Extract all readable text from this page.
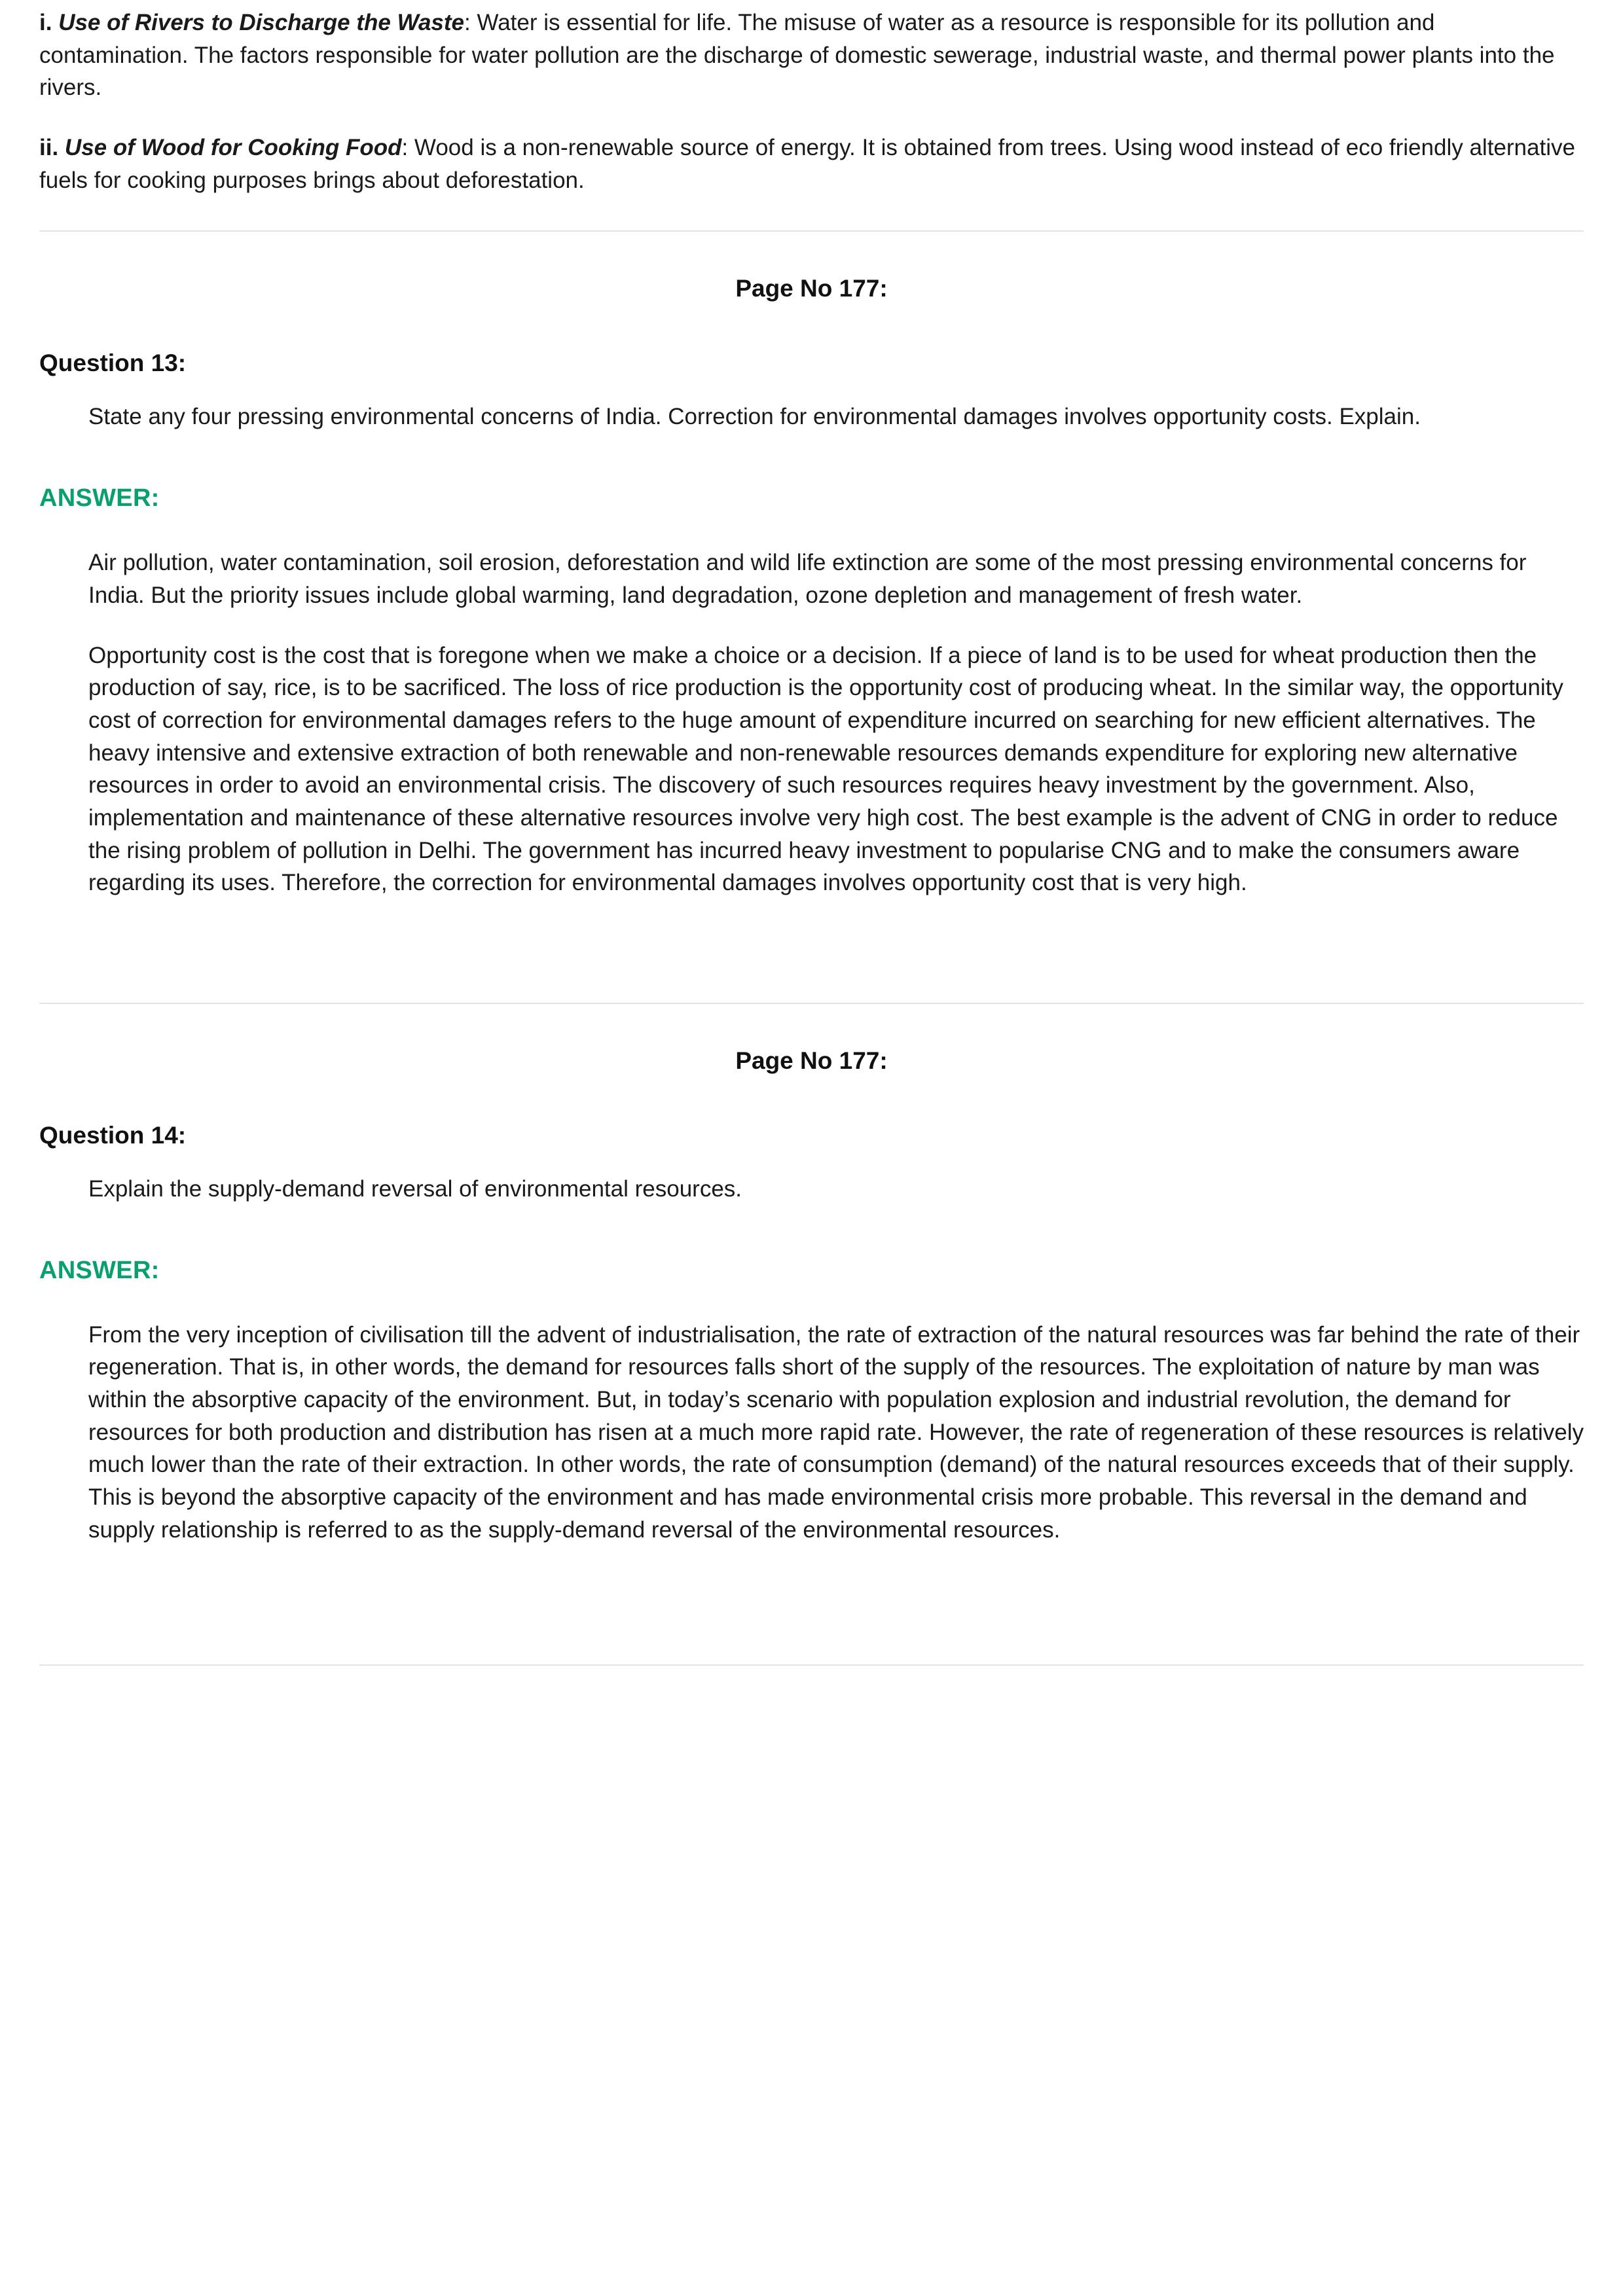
i. Use of Rivers to Discharge the Waste: Water is essential for life. The misuse of water as a resource is responsible for its pollution and contamination. The factors responsible for water pollution are the discharge of domestic sewerage, industrial waste, and thermal power plants into the rivers.

ii. Use of Wood for Cooking Food: Wood is a non-renewable source of energy. It is obtained from trees. Using wood instead of eco friendly alternative fuels for cooking purposes brings about deforestation.

Page No 177:
Question 13:
State any four pressing environmental concerns of India. Correction for environmental damages involves opportunity costs. Explain.
ANSWER:

Air pollution, water contamination, soil erosion, deforestation and wild life extinction are some of the most pressing environmental concerns for India. But the priority issues include global warming, land degradation, ozone depletion and management of fresh water.

Opportunity cost is the cost that is foregone when we make a choice or a decision. If a piece of land is to be used for wheat production then the production of say, rice, is to be sacrificed. The loss of rice production is the opportunity cost of producing wheat. In the similar way, the opportunity cost of correction for environmental damages refers to the huge amount of expenditure incurred on searching for new efficient alternatives. The heavy intensive and extensive extraction of both renewable and non-renewable resources demands expenditure for exploring new alternative resources in order to avoid an environmental crisis. The discovery of such resources requires heavy investment by the government. Also, implementation and maintenance of these alternative resources involve very high cost. The best example is the advent of CNG in order to reduce the rising problem of pollution in Delhi. The government has incurred heavy investment to popularise CNG and to make the consumers aware regarding its uses. Therefore, the correction for environmental damages involves opportunity cost that is very high.

Page No 177:
Question 14:
Explain the supply-demand reversal of environmental resources.
ANSWER:

From the very inception of civilisation till the advent of industrialisation, the rate of extraction of the natural resources was far behind the rate of their regeneration. That is, in other words, the demand for resources falls short of the supply of the resources. The exploitation of nature by man was within the absorptive capacity of the environment. But, in today’s scenario with population explosion and industrial revolution, the demand for resources for both production and distribution has risen at a much more rapid rate. However, the rate of regeneration of these resources is relatively much lower than the rate of their extraction. In other words, the rate of consumption (demand) of the natural resources exceeds that of their supply. This is beyond the absorptive capacity of the environment and has made environmental crisis more probable. This reversal in the demand and supply relationship is referred to as the supply-demand reversal of the environmental resources.
